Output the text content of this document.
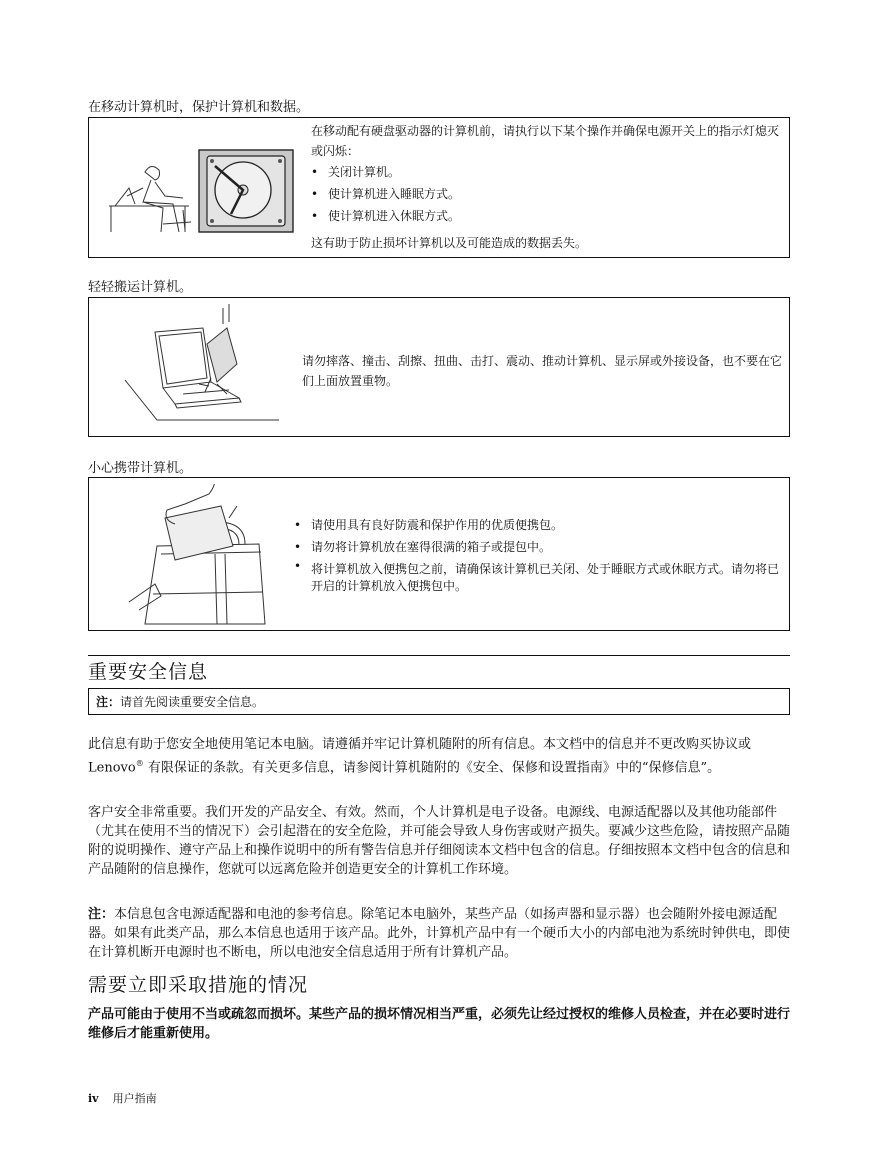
在移动计算机时，保护计算机和数据。
在移动配有硬盘驱动器的计算机前，请执行以下某个操作并确保电源开关上的指示灯熄灭或闪烁：
• 关闭计算机。
• 使计算机进入睡眠方式。
• 使计算机进入休眠方式。
这有助于防止损坏计算机以及可能造成的数据丢失。
轻轻搬运计算机。
请勿摔落、撞击、刮擦、扭曲、击打、震动、推动计算机、显示屏或外接设备，也不要在它们上面放置重物。
小心携带计算机。
• 请使用具有良好防震和保护作用的优质便携包。
• 请勿将计算机放在塞得很满的箱子或提包中。
• 将计算机放入便携包之前，请确保该计算机已关闭、处于睡眠方式或休眠方式。请勿将已开启的计算机放入便携包中。
重要安全信息
注：请首先阅读重要安全信息。

此信息有助于您安全地使用笔记本电脑。请遵循并牢记计算机随附的所有信息。本文档中的信息并不更改购买协议或 Lenovo® 有限保证的条款。有关更多信息，请参阅计算机随附的《安全、保修和设置指南》中的“保修信息”。

客户安全非常重要。我们开发的产品安全、有效。然而，个人计算机是电子设备。电源线、电源适配器以及其他功能部件（尤其在使用不当的情况下）会引起潜在的安全危险，并可能会导致人身伤害或财产损失。要减少这些危险，请按照产品随附的说明操作、遵守产品上和操作说明中的所有警告信息并仔细阅读本文档中包含的信息。仔细按照本文档中包含的信息和产品随附的信息操作，您就可以远离危险并创造更安全的计算机工作环境。

注：本信息包含电源适配器和电池的参考信息。除笔记本电脑外，某些产品（如扬声器和显示器）也会随附外接电源适配器。如果有此类产品，那么本信息也适用于该产品。此外，计算机产品中有一个硬币大小的内部电池为系统时钟供电，即使在计算机断开电源时也不断电，所以电池安全信息适用于所有计算机产品。

需要立即采取措施的情况

产品可能由于使用不当或疏忽而损坏。某些产品的损坏情况相当严重，必须先让经过授权的维修人员检查，并在必要时进行维修后才能重新使用。

iv 用户指南
